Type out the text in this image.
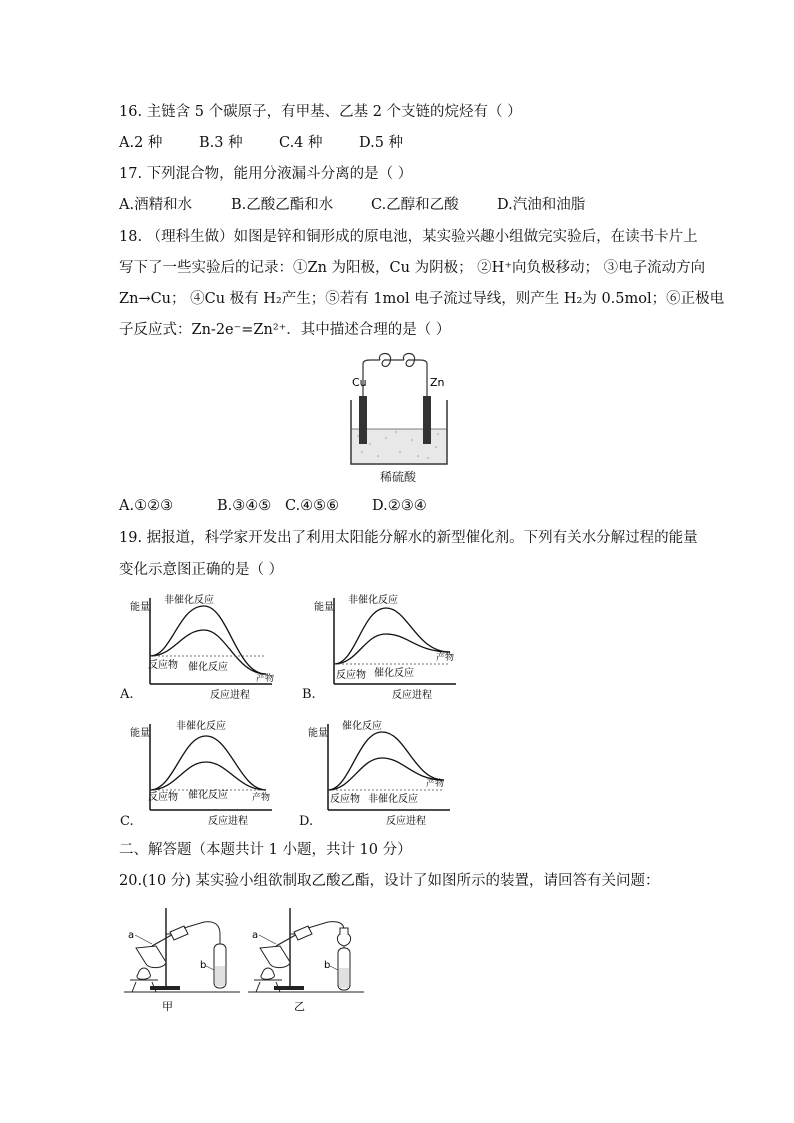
16. 主链含 5 个碳原子，有甲基、乙基 2 个支链的烷烃有（ ）
A.2 种	B.3 种	C.4 种	D.5 种
17. 下列混合物，能用分液漏斗分离的是（ ）
A.酒精和水	B.乙酸乙酯和水	C.乙醇和乙酸	D.汽油和油脂
18. （理科生做）如图是锌和铜形成的原电池，某实验兴趣小组做完实验后，在读书卡片上
写下了一些实验后的记录：①Zn 为阳极，Cu 为阴极； ②H⁺向负极移动； ③电子流动方向
Zn→Cu； ④Cu 极有 H₂产生；⑤若有 1mol 电子流过导线，则产生 H₂为 0.5mol；⑥正极电
子反应式：Zn-2e⁻=Zn²⁺．其中描述合理的是（ ）
Cu	Zn
稀硫酸
A.①②③	B.③④⑤ C.④⑤⑥ D.②③④
19. 据报道，科学家开发出了利用太阳能分解水的新型催化剂。下列有关水分解过程的能量
变化示意图正确的是（ ）
A.	B.
C.	D.
能量
非催化反应
反应物 催化反应
产物
反应进程
能量
非催化反应
反应物 催化反应
产物
反应进程
能量
非催化反应
反应物 催化反应	产物
反应进程
能量
催化反应
反应物 非催化反应
产物
反应进程
二、解答题（本题共计 1 小题，共计 10 分）
20.(10 分) 某实验小组欲制取乙酸乙酯，设计了如图所示的装置，请回答有关问题：
a
b
甲
a
b
乙
